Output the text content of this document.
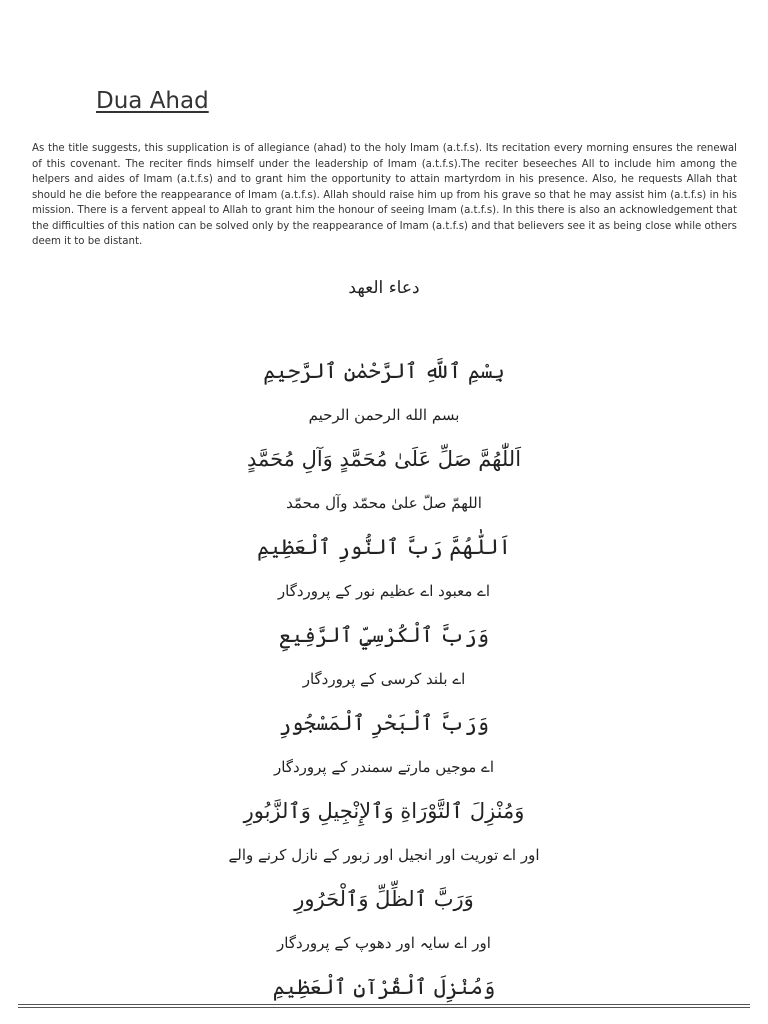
Dua Ahad

As the title suggests, this supplication is of allegiance (ahad) to the holy Imam (a.t.f.s). Its recitation every morning ensures the renewal of this covenant. The reciter finds himself under the leadership of Imam (a.t.f.s).The reciter beseeches All to include him among the helpers and aides of Imam (a.t.f.s) and to grant him the opportunity to attain martyrdom in his presence. Also, he requests Allah that should he die before the reappearance of Imam (a.t.f.s). Allah should raise him up from his grave so that he may assist him (a.t.f.s) in his mission. There is a fervent appeal to Allah to grant him the honour of seeing Imam (a.t.f.s). In this there is also an acknowledgement that the difficulties of this nation can be solved only by the reappearance of Imam (a.t.f.s) and that believers see it as being close while others deem it to be distant.

دعاء العهد

بِسْمِ ٱللَّهِ ٱلرَّحْمٰنِ ٱلرَّحِيمِ

بسم الله الرحمن الرحیم

اَللّٰهُمَّ صَلِّ عَلَىٰ مُحَمَّدٍ وَآلِ مُحَمَّدٍ

اللھمّ صلّ علیٰ محمّد وآل محمّد

اَللّٰهُمَّ رَبَّ ٱلنُّورِ ٱلْعَظِيمِ

اے معبود اے عظیم نور کے پروردگار

وَرَبَّ ٱلْكُرْسِيِّ ٱلرَّفِيعِ

اے بلند کرسی کے پروردگار

وَرَبَّ ٱلْبَحْرِ ٱلْمَسْجُورِ

اے موجیں مارتے سمندر کے پروردگار

وَمُنْزِلَ ٱلتَّوْرَاةِ وَٱلإِنْجِيلِ وَٱلزَّبُورِ

اور اے توریت اور انجیل اور زبور کے نازل کرنے والے

وَرَبَّ ٱلظِّلِّ وَٱلْحَرُورِ

اور اے سایہ اور دھوپ کے پروردگار

وَمُنْزِلَ ٱلْقُرْآنِ ٱلْعَظِيمِ
